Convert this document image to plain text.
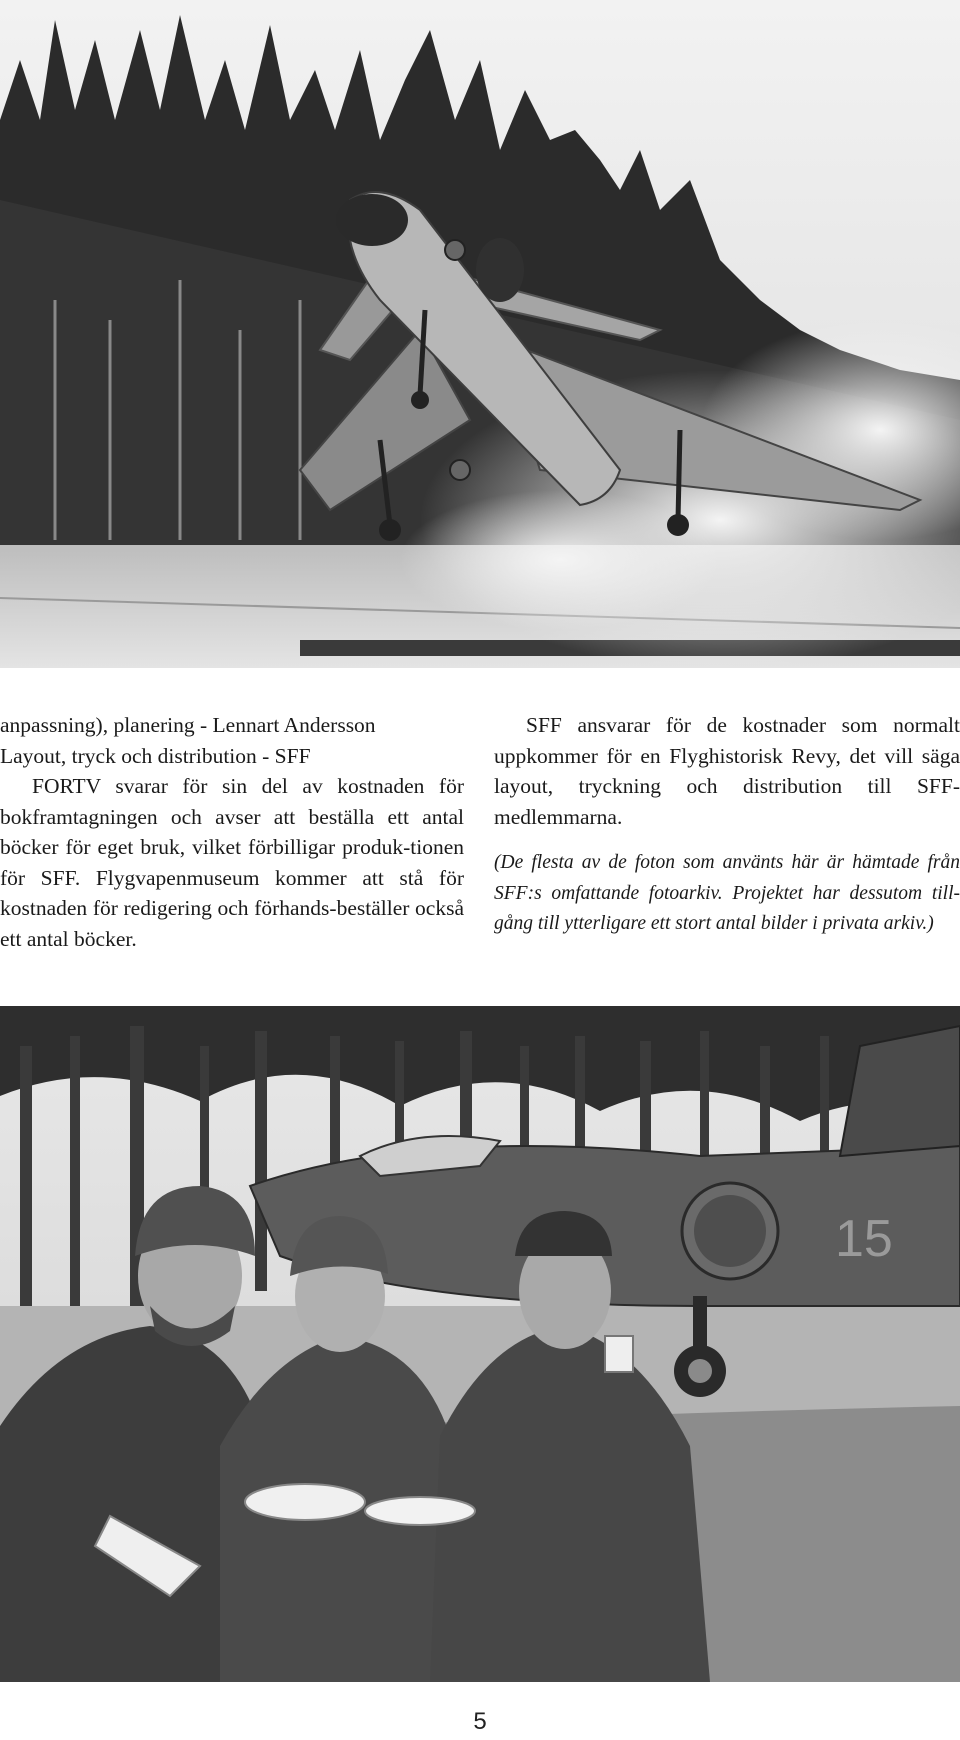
anpassning), planering - Lennart Andersson

Layout, tryck och distribution - SFF

FORTV svarar för sin del av kostnaden för bokframtagningen och avser att beställa ett antal böcker för eget bruk, vilket förbilligar produk-tionen för SFF. Flygvapenmuseum kommer att stå för kostnaden för redigering och förhands-beställer också ett antal böcker.

SFF ansvarar för de kostnader som normalt uppkommer för en Flyghistorisk Revy, det vill säga layout, tryckning och distribution till SFF-medlemmarna.

(De flesta av de foton som använts här är hämtade från SFF:s omfattande fotoarkiv. Projektet har dessutom till-gång till ytterligare ett stort antal bilder i privata arkiv.)

15
5
